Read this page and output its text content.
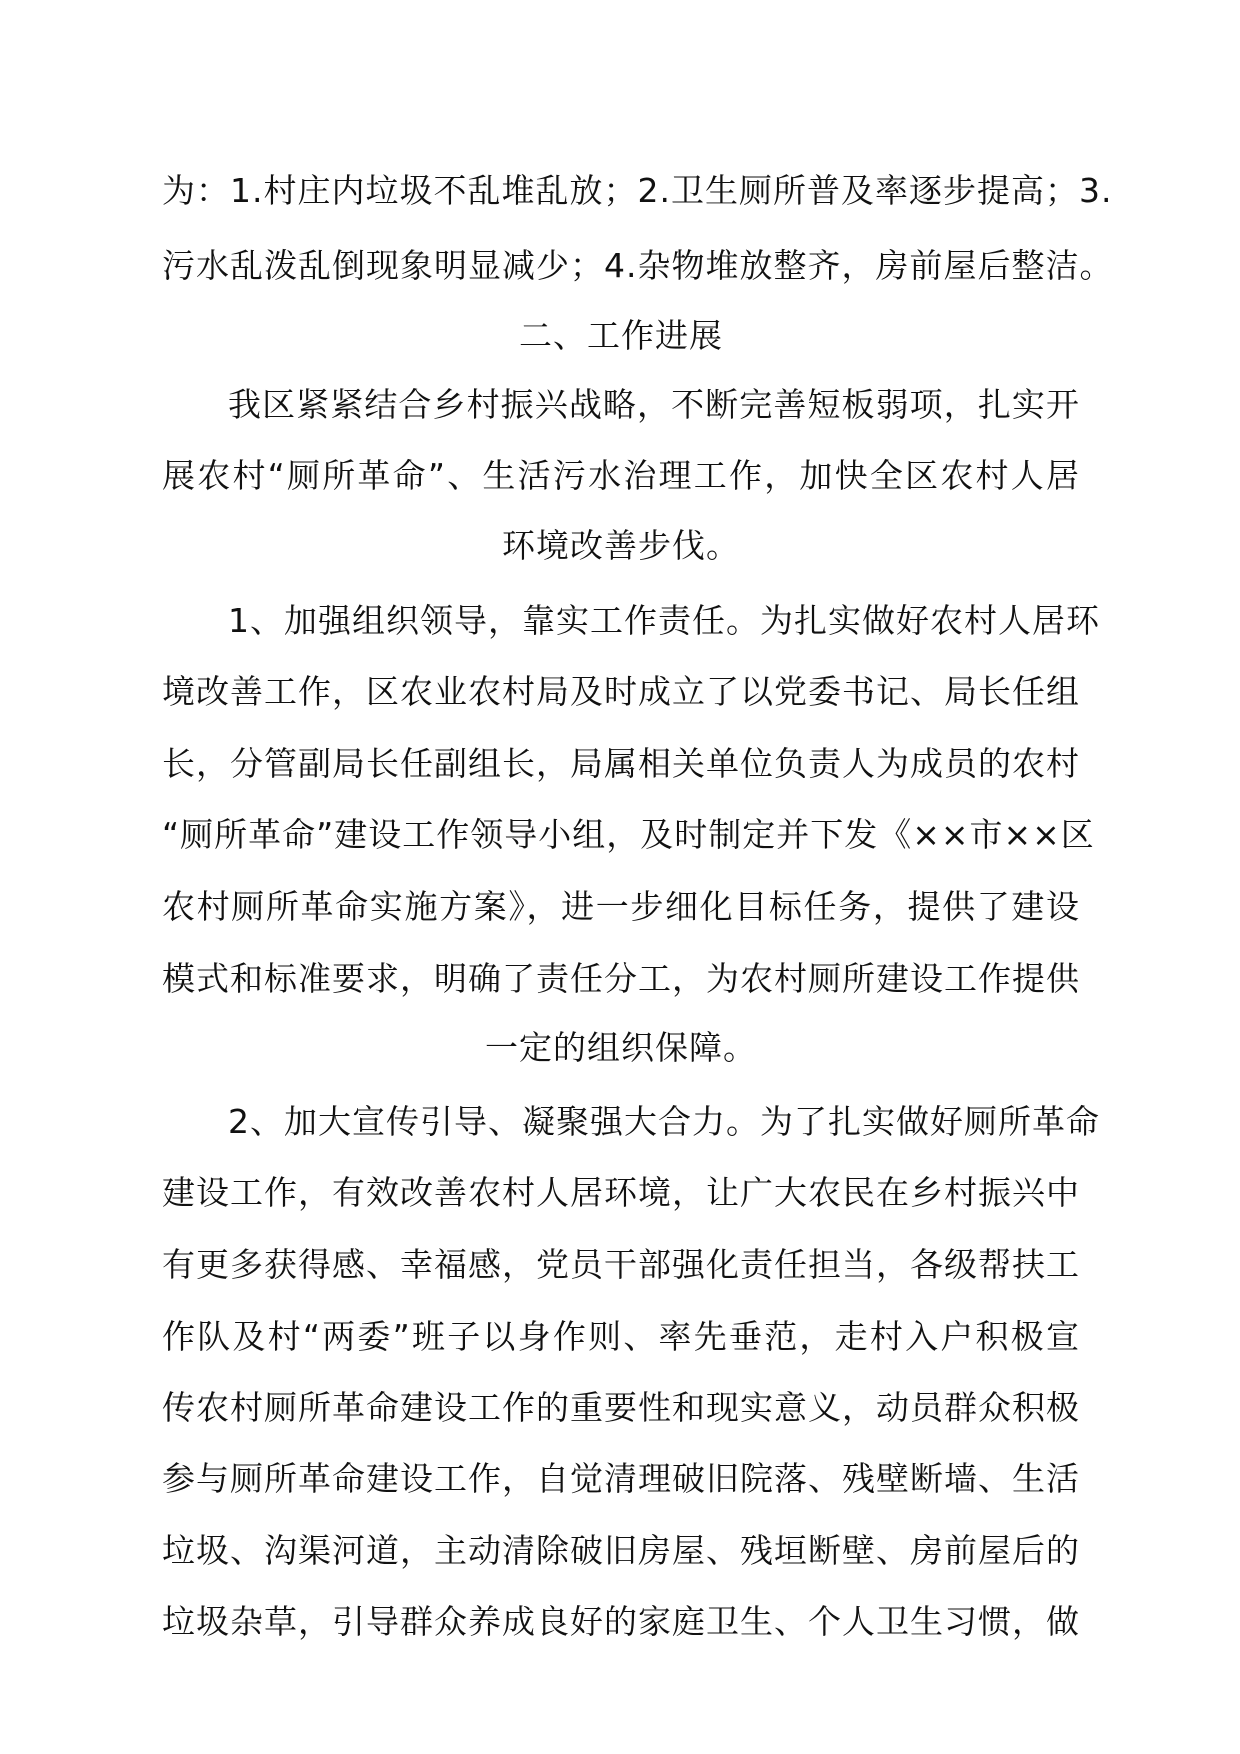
为：1.村庄内垃圾不乱堆乱放；2.卫生厕所普及率逐步提高；3.
污水乱泼乱倒现象明显减少；4.杂物堆放整齐，房前屋后整洁。
二、工作进展
我区紧紧结合乡村振兴战略，不断完善短板弱项，扎实开
展农村“厕所革命”、生活污水治理工作，加快全区农村人居
环境改善步伐。
1、加强组织领导，靠实工作责任。为扎实做好农村人居环
境改善工作，区农业农村局及时成立了以党委书记、局长任组
长，分管副局长任副组长，局属相关单位负责人为成员的农村
“厕所革命”建设工作领导小组，及时制定并下发《××市××区
农村厕所革命实施方案》，进一步细化目标任务，提供了建设
模式和标准要求，明确了责任分工，为农村厕所建设工作提供
一定的组织保障。
2、加大宣传引导、凝聚强大合力。为了扎实做好厕所革命
建设工作，有效改善农村人居环境，让广大农民在乡村振兴中
有更多获得感、幸福感，党员干部强化责任担当，各级帮扶工
作队及村“两委”班子以身作则、率先垂范，走村入户积极宣
传农村厕所革命建设工作的重要性和现实意义，动员群众积极
参与厕所革命建设工作，自觉清理破旧院落、残壁断墙、生活
垃圾、沟渠河道，主动清除破旧房屋、残垣断壁、房前屋后的
垃圾杂草，引导群众养成良好的家庭卫生、个人卫生习惯，做
